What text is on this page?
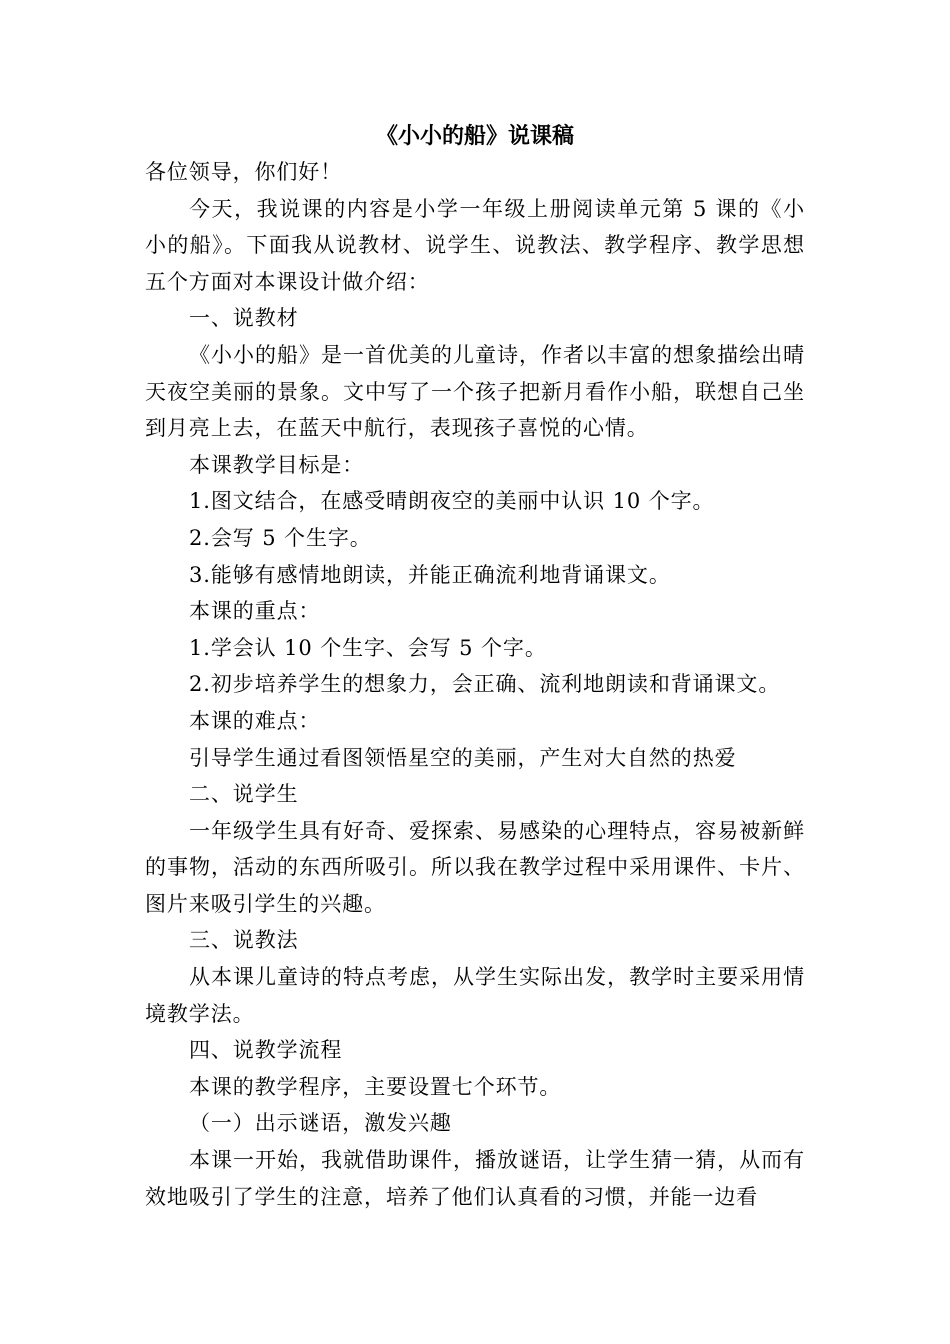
《小小的船》说课稿

各位领导，你们好！

今天，我说课的内容是小学一年级上册阅读单元第 5 课的《小小的船》。下面我从说教材、说学生、说教法、教学程序、教学思想五个方面对本课设计做介绍：

一、说教材

《小小的船》是一首优美的儿童诗，作者以丰富的想象描绘出晴天夜空美丽的景象。文中写了一个孩子把新月看作小船，联想自己坐到月亮上去，在蓝天中航行，表现孩子喜悦的心情。

本课教学目标是：

1.图文结合，在感受晴朗夜空的美丽中认识 10 个字。

2.会写 5 个生字。

3.能够有感情地朗读，并能正确流利地背诵课文。

本课的重点：

1.学会认 10 个生字、会写 5 个字。

2.初步培养学生的想象力，会正确、流利地朗读和背诵课文。

本课的难点：

引导学生通过看图领悟星空的美丽，产生对大自然的热爱

二、说学生

一年级学生具有好奇、爱探索、易感染的心理特点，容易被新鲜的事物，活动的东西所吸引。所以我在教学过程中采用课件、卡片、图片来吸引学生的兴趣。

三、说教法

从本课儿童诗的特点考虑，从学生实际出发，教学时主要采用情境教学法。

四、说教学流程

本课的教学程序，主要设置七个环节。

（一）出示谜语，激发兴趣

本课一开始，我就借助课件，播放谜语，让学生猜一猜，从而有效地吸引了学生的注意，培养了他们认真看的习惯，并能一边看
